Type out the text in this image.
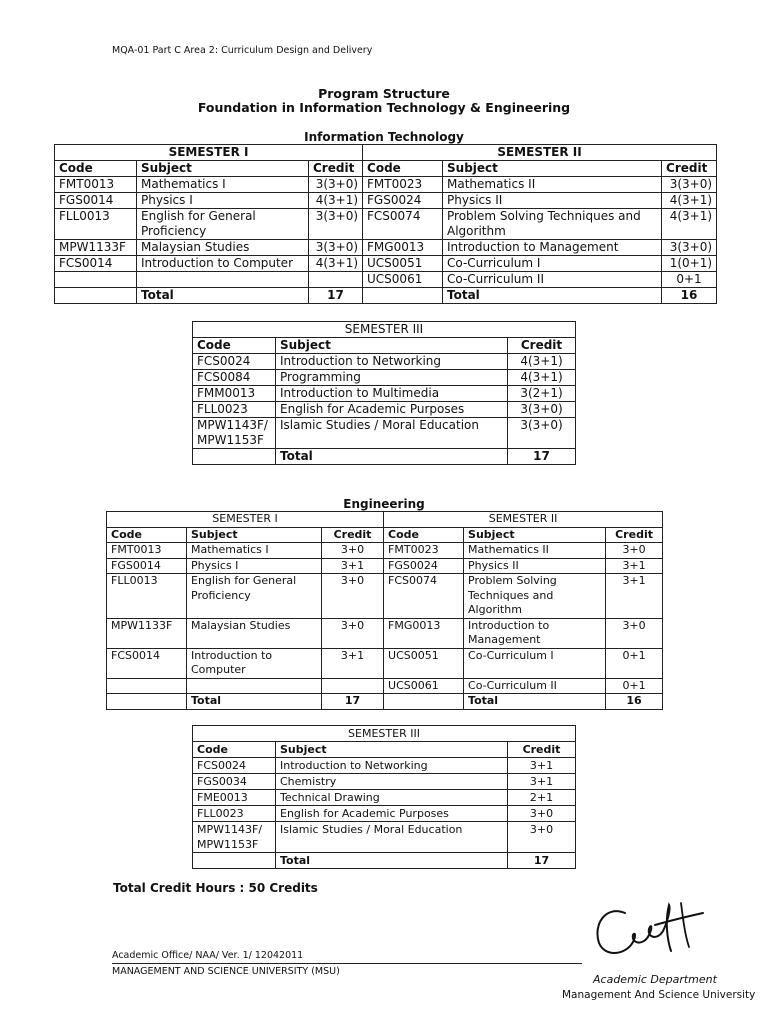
MQA-01 Part C Area 2: Curriculum Design and Delivery
Program Structure
Foundation in Information Technology & Engineering
Information Technology
SEMESTER I			SEMESTER II		
Code	Subject	Credit	Code	Subject	Credit
FMT0013	Mathematics I	3(3+0)	FMT0023	Mathematics II	3(3+0)
FGS0014	Physics I	4(3+1)	FGS0024	Physics II	4(3+1)
FLL0013	English for General Proficiency	3(3+0)	FCS0074	Problem Solving Techniques and Algorithm	4(3+1)
MPW1133F	Malaysian Studies	3(3+0)	FMG0013	Introduction to Management	3(3+0)
FCS0014	Introduction to Computer	4(3+1)	UCS0051	Co-Curriculum I	1(0+1)
			UCS0061	Co-Curriculum II	0+1
	Total	17		Total	16
SEMESTER III		
Code	Subject	Credit
FCS0024	Introduction to Networking	4(3+1)
FCS0084	Programming	4(3+1)
FMM0013	Introduction to Multimedia	3(2+1)
FLL0023	English for Academic Purposes	3(3+0)
MPW1143F/ MPW1153F	Islamic Studies / Moral Education	3(3+0)
	Total	17
Engineering
SEMESTER I			SEMESTER II		
Code	Subject	Credit	Code	Subject	Credit
FMT0013	Mathematics I	3+0	FMT0023	Mathematics II	3+0
FGS0014	Physics I	3+1	FGS0024	Physics II	3+1
FLL0013	English for General Proficiency	3+0	FCS0074	Problem Solving Techniques and Algorithm	3+1
MPW1133F	Malaysian Studies	3+0	FMG0013	Introduction to Management	3+0
FCS0014	Introduction to Computer	3+1	UCS0051	Co-Curriculum I	0+1
			UCS0061	Co-Curriculum II	0+1
	Total	17		Total	16
SEMESTER III		
Code	Subject	Credit
FCS0024	Introduction to Networking	3+1
FGS0034	Chemistry	3+1
FME0013	Technical Drawing	2+1
FLL0023	English for Academic Purposes	3+0
MPW1143F/ MPW1153F	Islamic Studies / Moral Education	3+0
	Total	17
Total Credit Hours : 50 Credits
Academic Office/ NAA/ Ver. 1/ 12042011
MANAGEMENT AND SCIENCE UNIVERSITY (MSU)
Academic Department
Management And Science University
